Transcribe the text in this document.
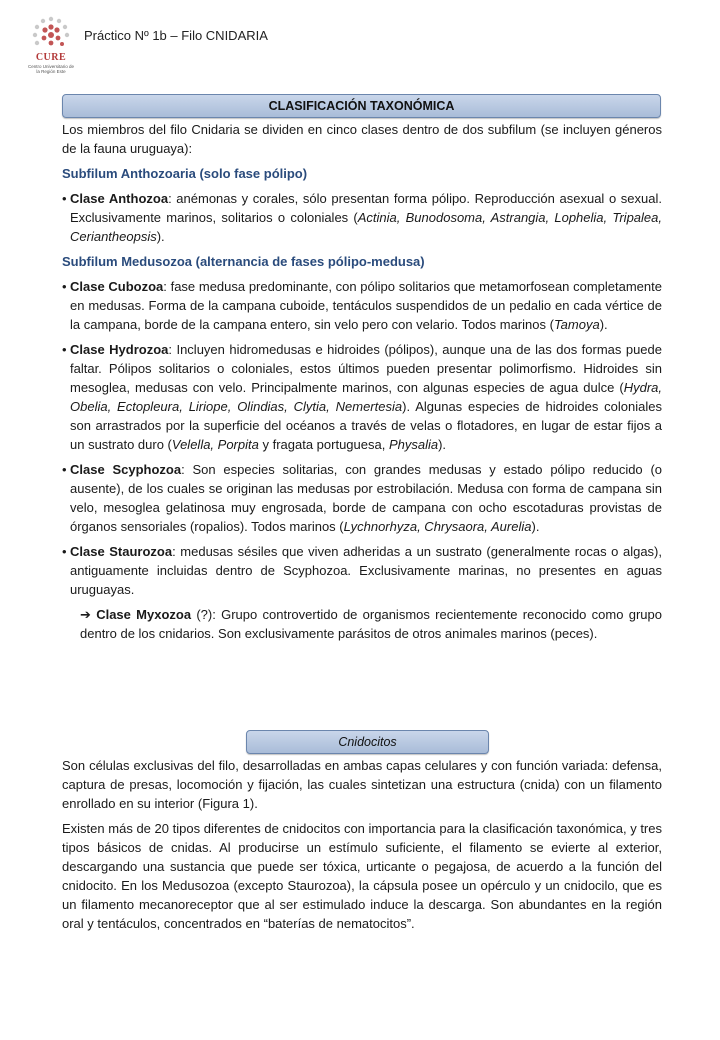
CURE
Centro Universitario de la Región Este
Práctico Nº 1b – Filo CNIDARIA
CLASIFICACIÓN TAXONÓMICA

Los miembros del filo Cnidaria se dividen en cinco clases dentro de dos subfilum (se incluyen géneros de la fauna uruguaya):

Subfilum Anthozoaria (solo fase pólipo)
• Clase Anthozoa: anémonas y corales, sólo presentan forma pólipo. Reproducción asexual o sexual. Exclusivamente marinos, solitarios o coloniales (Actinia, Bunodosoma, Astrangia, Lophelia, Tripalea, Ceriantheopsis).
Subfilum Medusozoa (alternancia de fases pólipo-medusa)
• Clase Cubozoa: fase medusa predominante, con pólipo solitarios que metamorfosean completamente en medusas. Forma de la campana cuboide, tentáculos suspendidos de un pedalio en cada vértice de la campana, borde de la campana entero, sin velo pero con velario. Todos marinos (Tamoya).
• Clase Hydrozoa: Incluyen hidromedusas e hidroides (pólipos), aunque una de las dos formas puede faltar. Pólipos solitarios o coloniales, estos últimos pueden presentar polimorfismo. Hidroides sin mesoglea, medusas con velo. Principalmente marinos, con algunas especies de agua dulce (Hydra, Obelia, Ectopleura, Liriope, Olindias, Clytia, Nemertesia). Algunas especies de hidroides coloniales son arrastrados por la superficie del océanos a través de velas o flotadores, en lugar de estar fijos a un sustrato duro (Velella, Porpita y fragata portuguesa, Physalia).
• Clase Scyphozoa: Son especies solitarias, con grandes medusas y estado pólipo reducido (o ausente), de los cuales se originan las medusas por estrobilación. Medusa con forma de campana sin velo, mesoglea gelatinosa muy engrosada, borde de campana con ocho escotaduras provistas de órganos sensoriales (ropalios). Todos marinos (Lychnorhyza, Chrysaora, Aurelia).
• Clase Staurozoa: medusas sésiles que viven adheridas a un sustrato (generalmente rocas o algas), antiguamente incluidas dentro de Scyphozoa. Exclusivamente marinas, no presentes en aguas uruguayas.
➔ Clase Myxozoa (?): Grupo controvertido de organismos recientemente reconocido como grupo dentro de los cnidarios. Son exclusivamente parásitos de otros animales marinos (peces).
Cnidocitos

Son células exclusivas del filo, desarrolladas en ambas capas celulares y con función variada: defensa, captura de presas, locomoción y fijación, las cuales sintetizan una estructura (cnida) con un filamento enrollado en su interior (Figura 1).

Existen más de 20 tipos diferentes de cnidocitos con importancia para la clasificación taxonómica, y tres tipos básicos de cnidas. Al producirse un estímulo suficiente, el filamento se evierte al exterior, descargando una sustancia que puede ser tóxica, urticante o pegajosa, de acuerdo a la función del cnidocito. En los Medusozoa (excepto Staurozoa), la cápsula posee un opérculo y un cnidocilo, que es un filamento mecanoreceptor que al ser estimulado induce la descarga. Son abundantes en la región oral y tentáculos, concentrados en “baterías de nematocitos”.
